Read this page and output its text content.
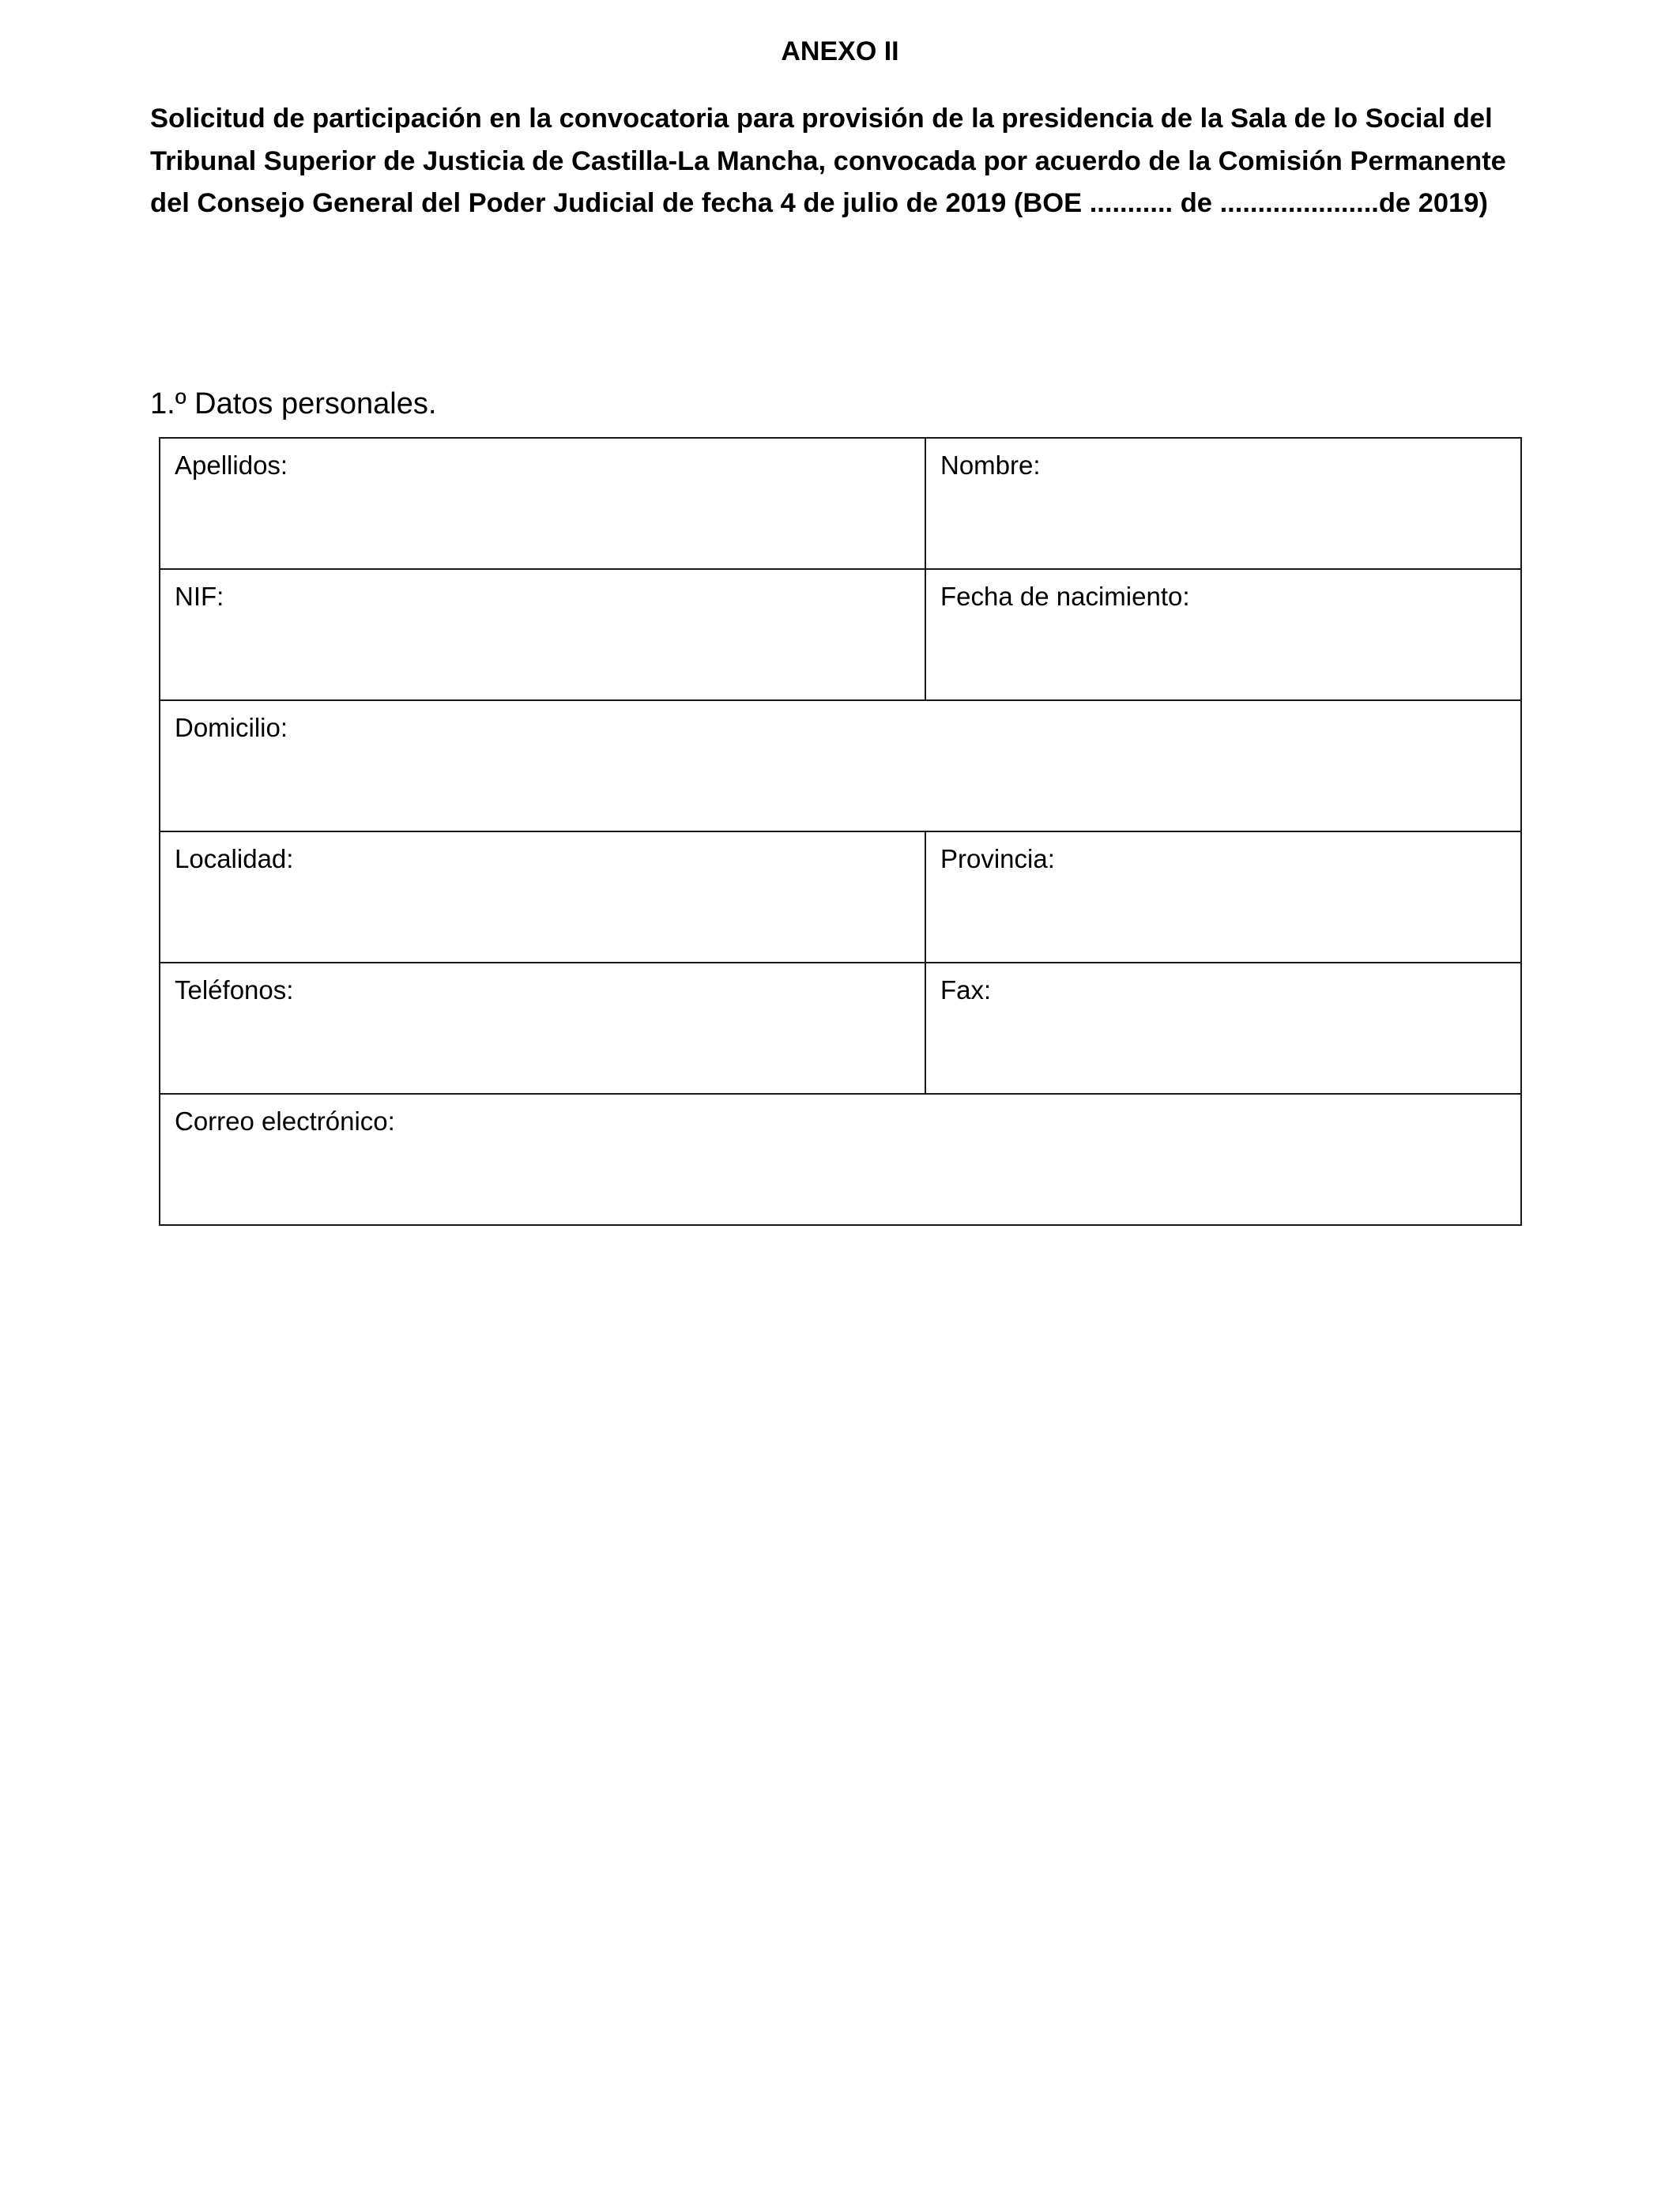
ANEXO II
Solicitud de participación en la convocatoria para provisión de la presidencia de la Sala de lo Social del
Tribunal Superior de Justicia de Castilla-La Mancha, convocada por acuerdo de la Comisión Permanente
del Consejo General del Poder Judicial de fecha 4 de julio de 2019 (BOE ........... de .....................de 2019)
1.º Datos personales.
Apellidos:	Nombre:
NIF:	Fecha de nacimiento:
Domicilio:	
Localidad:	Provincia:
Teléfonos:	Fax:
Correo electrónico:	
